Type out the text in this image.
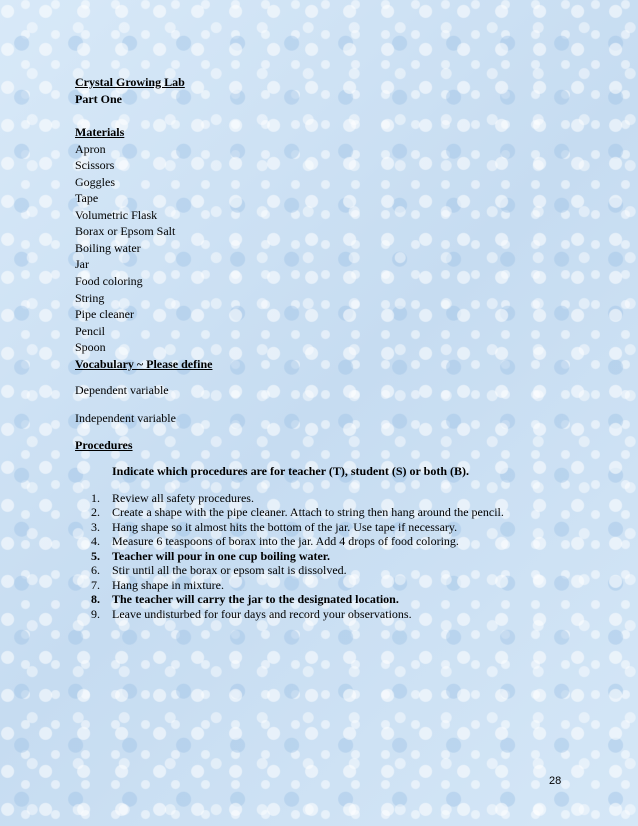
Crystal Growing Lab
Part One
Materials
Apron
Scissors
Goggles
Tape
Volumetric Flask
Borax or Epsom Salt
Boiling water
Jar
Food coloring
String
Pipe cleaner
Pencil
Spoon
Vocabulary ~ Please define
Dependent variable
Independent variable
Procedures
Indicate which procedures are for teacher (T), student (S) or both (B).
1.	Review all safety procedures.
2.	Create a shape with the pipe cleaner. Attach to string then hang around the pencil.
3.	Hang shape so it almost hits the bottom of the jar. Use tape if necessary.
4.	Measure 6 teaspoons of borax into the jar. Add 4 drops of food coloring.
5.	Teacher will pour in one cup boiling water.
6.	Stir until all the borax or epsom salt is dissolved.
7.	Hang shape in mixture.
8.	The teacher will carry the jar to the designated location.
9.	Leave undisturbed for four days and record your observations.
28
